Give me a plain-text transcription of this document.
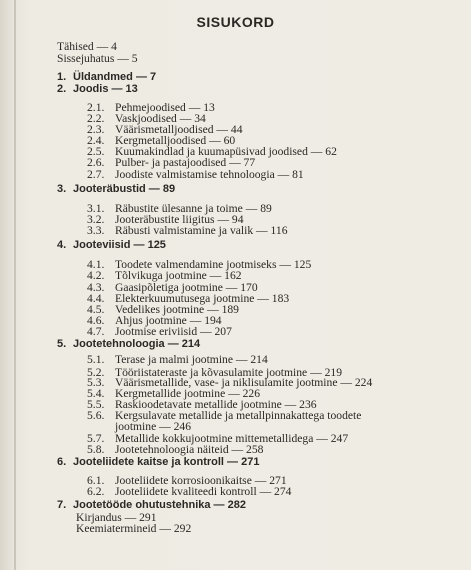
SISUKORD
Tähised — 4
Sissejuhatus — 5
1. Üldandmed — 7
2. Joodis — 13
2.1. Pehmejoodised — 13
2.2. Vaskjoodised — 34
2.3. Väärismetalljoodised — 44
2.4. Kergmetalljoodised — 60
2.5. Kuumakindlad ja kuumapüsivad joodised — 62
2.6. Pulber- ja pastajoodised — 77
2.7. Joodiste valmistamise tehnoloogia — 81
3. Jooteräbustid — 89
3.1. Räbustite ülesanne ja toime — 89
3.2. Jooteräbustite liigitus — 94
3.3. Räbusti valmistamine ja valik — 116
4. Jooteviisid — 125
4.1. Toodete valmendamine jootmiseks — 125
4.2. Tõlvikuga jootmine — 162
4.3. Gaasipõletiga jootmine — 170
4.4. Elekterkuumutusega jootmine — 183
4.5. Vedelikes jootmine — 189
4.6. Ahjus jootmine — 194
4.7. Jootmise eriviisid — 207
5. Jootetehnoloogia — 214
5.1. Terase ja malmi jootmine — 214
5.2. Tööriistateraste ja kõvasulamite jootmine — 219
5.3. Väärismetallide, vase- ja niklisulamite jootmine — 224
5.4. Kergmetallide jootmine — 226
5.5. Raskioodetavate metallide jootmine — 236
5.6. Kergsulavate metallide ja metallpinnakattega toodete
jootmine — 246
5.7. Metallide kokkujootmine mittemetallidega — 247
5.8. Jootetehnoloogia näiteid — 258
6. Jooteliidete kaitse ja kontroll — 271
6.1. Jooteliidete korrosioonikaitse — 271
6.2. Jooteliidete kvaliteedi kontroll — 274
7. Jootetööde ohutustehnika — 282
Kirjandus — 291
Keemiatermineid — 292
